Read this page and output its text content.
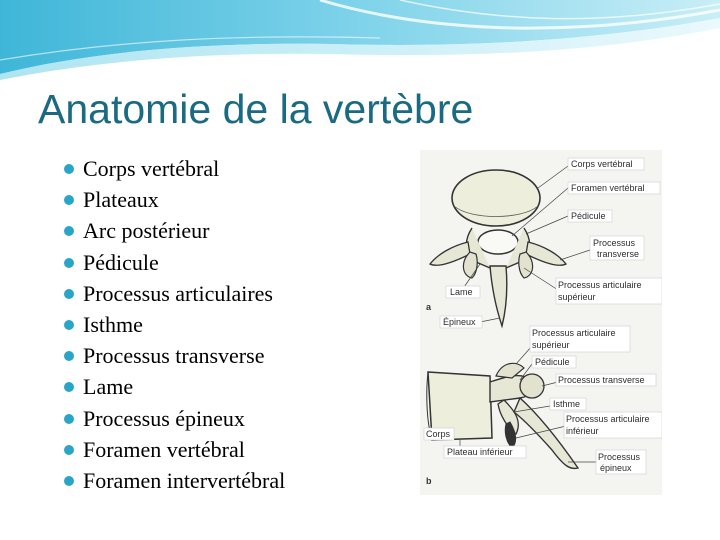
Anatomie de la vertèbre
Corps vertébral
Plateaux
Arc postérieur
Pédicule
Processus articulaires
Isthme
Processus transverse
Lame
Processus épineux
Foramen vertébral
Foramen intervertébral
a
Corps vertébral
Foramen vertébral
Pédicule
Processus
transverse
Lame
Processus articulaire
supérieur
Épineux
b
Processus articulaire
supérieur
Pédicule
Processus transverse
Isthme
Processus articulaire
inférieur
Corps
Plateau inférieur	Processus
épineux
